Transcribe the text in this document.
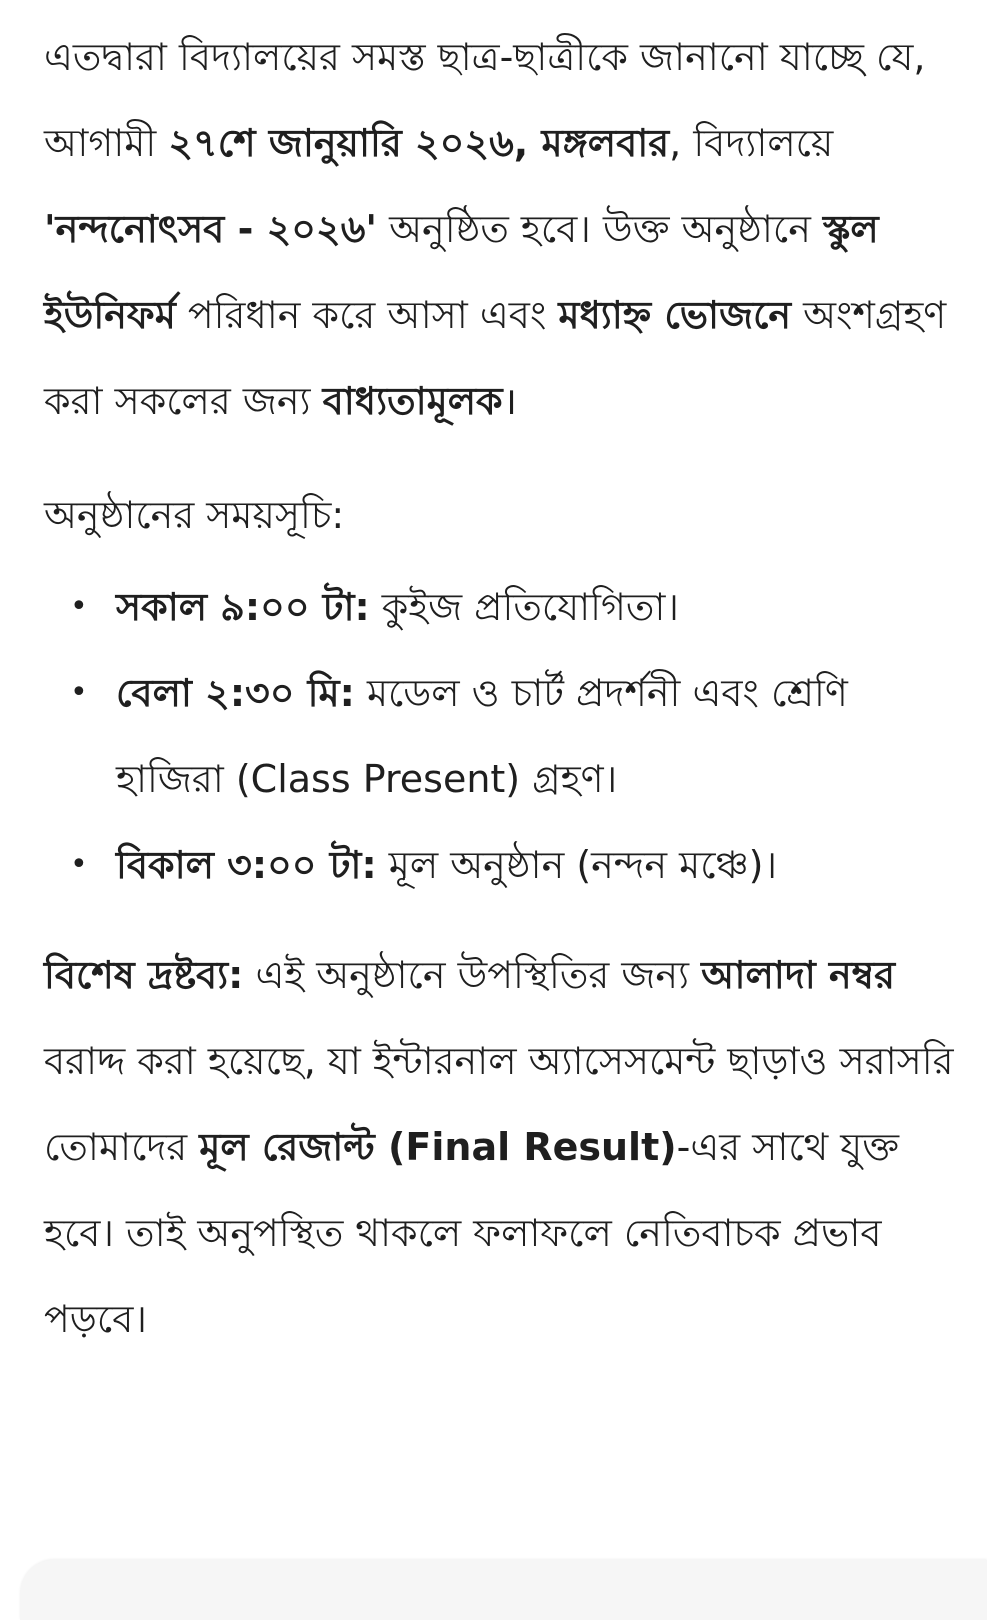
এতদ্বারা বিদ্যালয়ের সমস্ত ছাত্র-ছাত্রীকে জানানো যাচ্ছে যে, আগামী ২৭শে জানুয়ারি ২০২৬, মঙ্গলবার, বিদ্যালয়ে 'নন্দনোৎসব - ২০২৬' অনুষ্ঠিত হবে। উক্ত অনুষ্ঠানে স্কুল ইউনিফর্ম পরিধান করে আসা এবং মধ্যাহ্ন ভোজনে অংশগ্রহণ করা সকলের জন্য বাধ্যতামূলক।

অনুষ্ঠানের সময়সূচি:

• সকাল ৯:০০ টা: কুইজ প্রতিযোগিতা।
• বেলা ২:৩০ মি: মডেল ও চার্ট প্রদর্শনী এবং শ্রেণি হাজিরা (Class Present) গ্রহণ।
• বিকাল ৩:০০ টা: মূল অনুষ্ঠান (নন্দন মঞ্চে)।

বিশেষ দ্রষ্টব্য: এই অনুষ্ঠানে উপস্থিতির জন্য আলাদা নম্বর বরাদ্দ করা হয়েছে, যা ইন্টারনাল অ্যাসেসমেন্ট ছাড়াও সরাসরি তোমাদের মূল রেজাল্ট (Final Result)-এর সাথে যুক্ত হবে। তাই অনুপস্থিত থাকলে ফলাফলে নেতিবাচক প্রভাব পড়বে।
